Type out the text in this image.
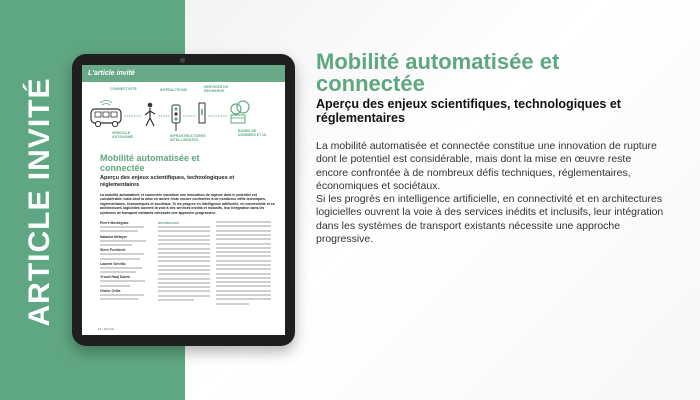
ARTICLE INVITÉ
L'article invité
CONNECTIVITÉ	INTERACTIONS
SERVICES DE RECHARGE
VÉHICULE AUTONOME	INFRASTRUCTURES INTELLIGENTES
BASES DE DONNÉES ET IA
Mobilité automatisée et connectée
Aperçu des enjeux scientifiques, technologiques et réglementaires
La mobilité automatisée et connectée constitue une innovation de rupture dont le potentiel est considérable, mais dont la mise en œuvre reste encore confrontée à de nombreux défis techniques, réglementaires, économiques et sociétaux. Si les progrès en intelligence artificielle, en connectivité et en architectures logicielles ouvrent la voie à des services inédits et inclusifs, leur intégration dans les systèmes de transport existants nécessite une approche progressive.
Pierre Montégnac
Natacha Métayer
Steve Pechberti
Laurent Servillo
Yrouel Hadj Salem
Olivier Orfila
Introduction
64 | REVUE
Mobilité automatisée et connectée
Aperçu des enjeux scientifiques, technologiques et réglementaires

La mobilité automatisée et connectée constitue une innovation de rupture dont le potentiel est considérable, mais dont la mise en œuvre reste encore confrontée à de nombreux défis techniques, réglementaires, économiques et sociétaux.

Si les progrès en intelligence artificielle, en connectivité et en architectures logicielles ouvrent la voie à des services inédits et inclusifs, leur intégration dans les systèmes de transport existants nécessite une approche progressive.
